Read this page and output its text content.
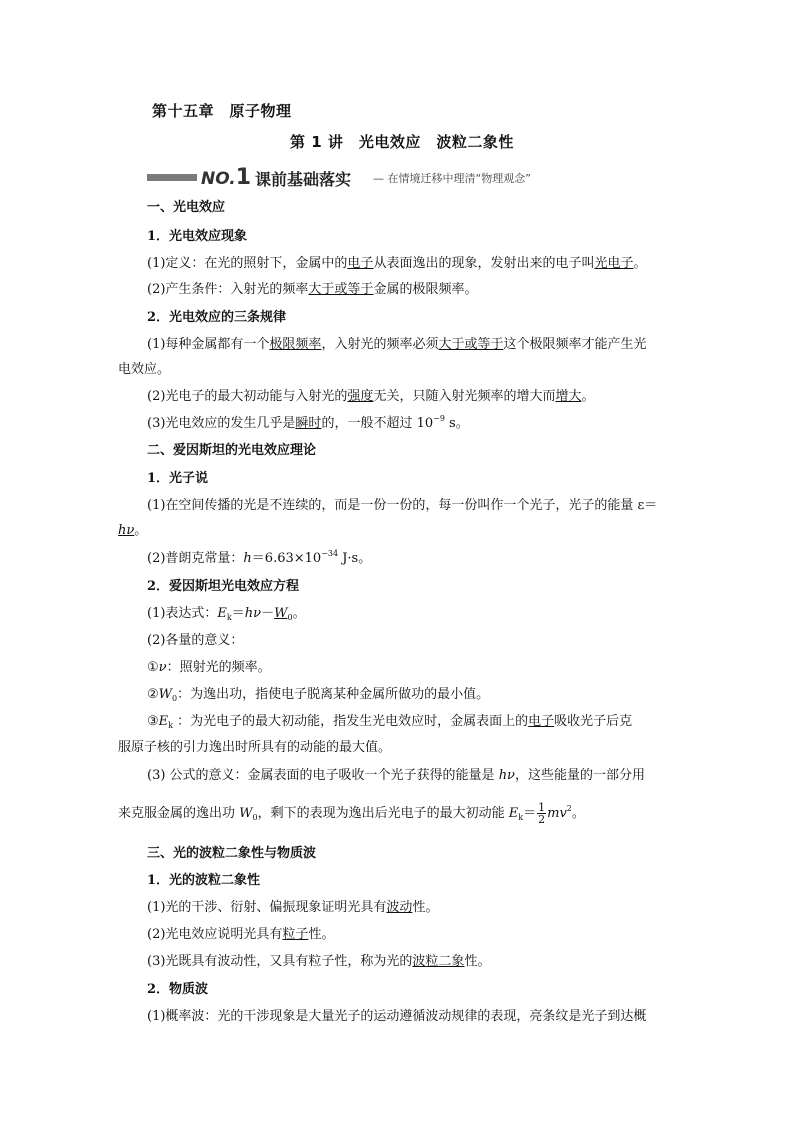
第十五章　原子物理
第 1 讲　光电效应　波粒二象性
NO.1 课前基础落实 — 在情境迁移中理清“物理观念”
一、光电效应
1．光电效应现象
(1)定义：在光的照射下，金属中的电子从表面逸出的现象，发射出来的电子叫光电子。
(2)产生条件：入射光的频率大于或等于金属的极限频率。
2．光电效应的三条规律
(1)每种金属都有一个极限频率，入射光的频率必须大于或等于这个极限频率才能产生光
电效应。
(2)光电子的最大初动能与入射光的强度无关，只随入射光频率的增大而增大。
(3)光电效应的发生几乎是瞬时的，一般不超过 $10^{-9}$ s。
二、爱因斯坦的光电效应理论
1．光子说
(1)在空间传播的光是不连续的，而是一份一份的，每一份叫作一个光子，光子的能量 ε＝
hν。
(2)普朗克常量：$h=6.63\times 10^{-34}$ J·s。
2．爱因斯坦光电效应方程
(1)表达式：$E_k=h\nu-W_0$。
(2)各量的意义：
①ν：照射光的频率。
$②W_0$：为逸出功，指使电子脱离某种金属所做功的最小值。
$③E_k$ ：为光电子的最大初动能，指发生光电效应时，金属表面上的电子吸收光子后克
服原子核的引力逸出时所具有的动能的最大值。
(3) 公式的意义：金属表面的电子吸收一个光子获得的能量是 hν，这些能量的一部分用
来克服金属的逸出功 $W_0$，剩下的表现为逸出后光电子的最大初动能 $E_k= \frac{1}{2} mv^2$。
三、光的波粒二象性与物质波
1．光的波粒二象性
(1)光的干涉、衍射、偏振现象证明光具有波动性。
(2)光电效应说明光具有粒子性。
(3)光既具有波动性，又具有粒子性，称为光的波粒二象性。
2．物质波
(1)概率波：光的干涉现象是大量光子的运动遵循波动规律的表现，亮条纹是光子到达概
